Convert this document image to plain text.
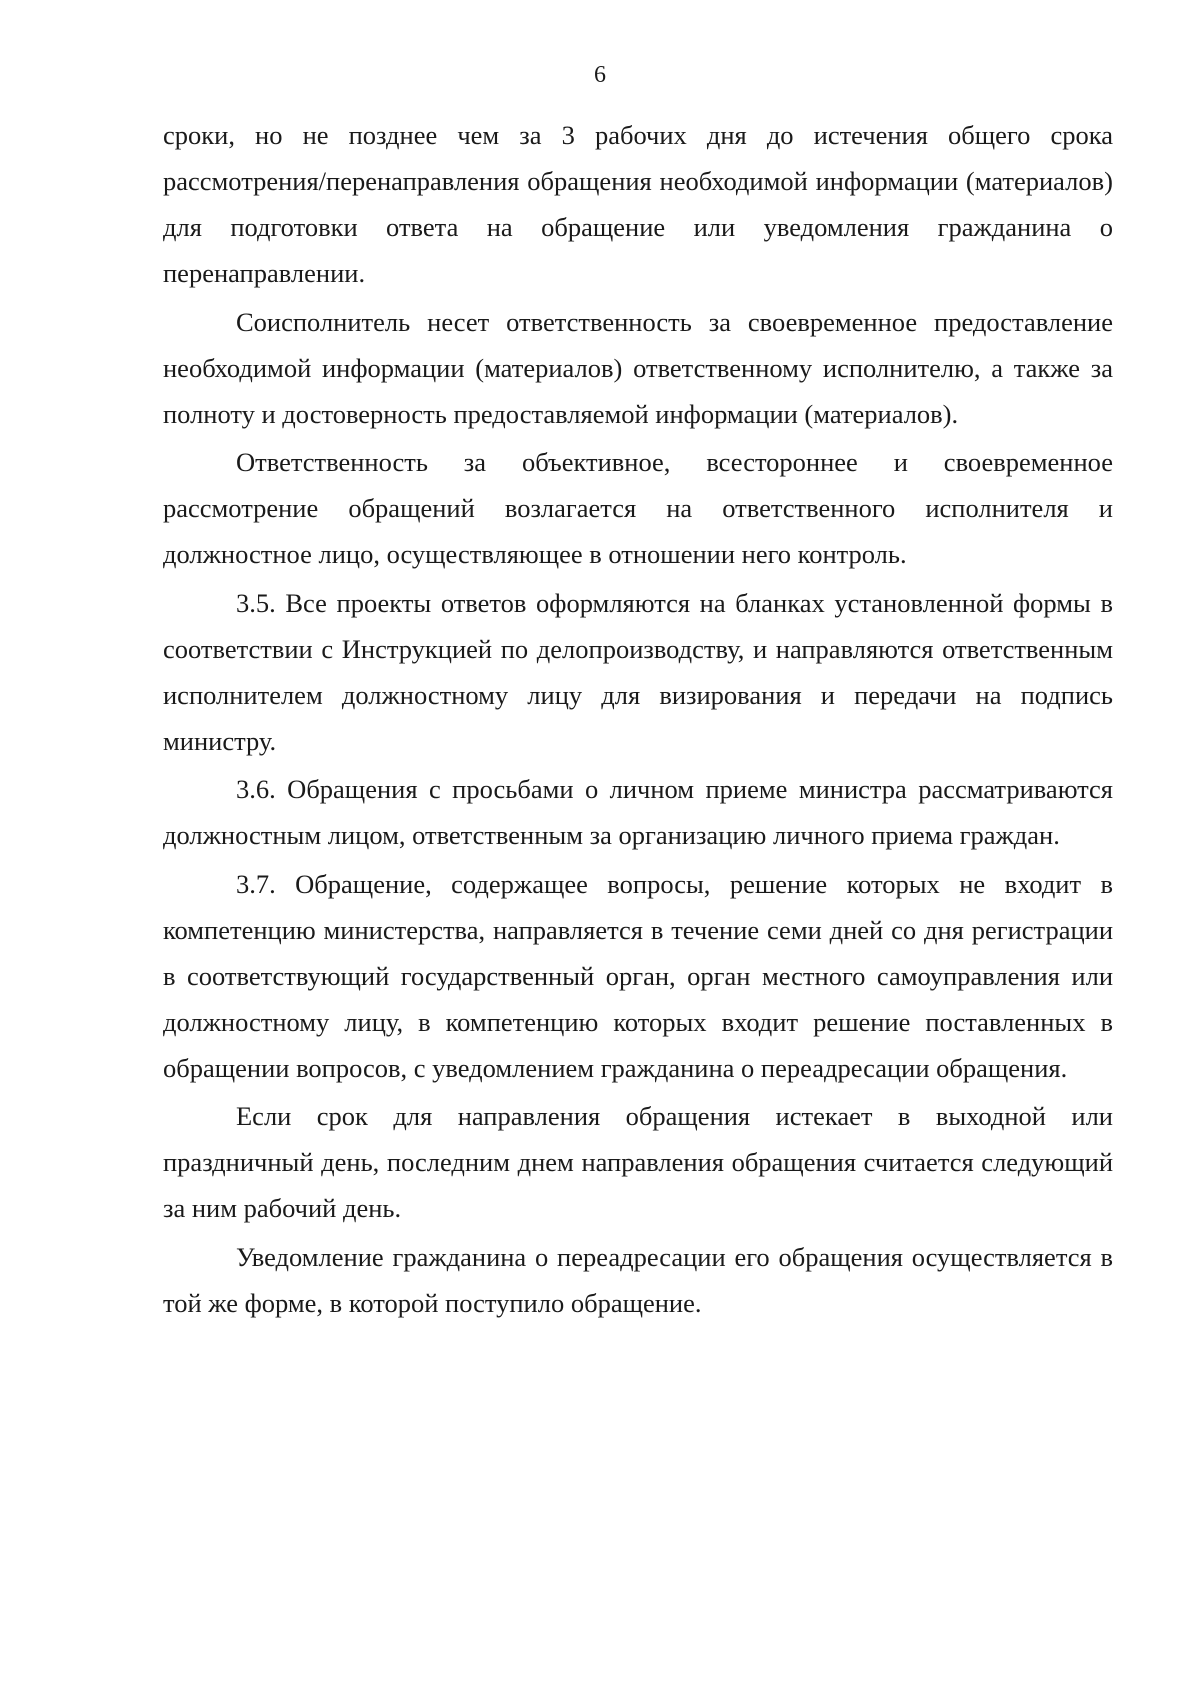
6

сроки, но не позднее чем за 3 рабочих дня до истечения общего срока рассмотрения/перенаправления обращения необходимой информации (материалов) для подготовки ответа на обращение или уведомления гражданина о перенаправлении.

Соисполнитель несет ответственность за своевременное предоставление необходимой информации (материалов) ответственному исполнителю, а также за полноту и достоверность предоставляемой информации (материалов).

Ответственность за объективное, всестороннее и своевременное рассмотрение обращений возлагается на ответственного исполнителя и должностное лицо, осуществляющее в отношении него контроль.

3.5. Все проекты ответов оформляются на бланках установленной формы в соответствии с Инструкцией по делопроизводству, и направляются ответственным исполнителем должностному лицу для визирования и передачи на подпись министру.

3.6. Обращения с просьбами о личном приеме министра рассматриваются должностным лицом, ответственным за организацию личного приема граждан.

3.7. Обращение, содержащее вопросы, решение которых не входит в компетенцию министерства, направляется в течение семи дней со дня регистрации в соответствующий государственный орган, орган местного самоуправления или должностному лицу, в компетенцию которых входит решение поставленных в обращении вопросов, с уведомлением гражданина о переадресации обращения.

Если срок для направления обращения истекает в выходной или праздничный день, последним днем направления обращения считается следующий за ним рабочий день.

Уведомление гражданина о переадресации его обращения осуществляется в той же форме, в которой поступило обращение.
